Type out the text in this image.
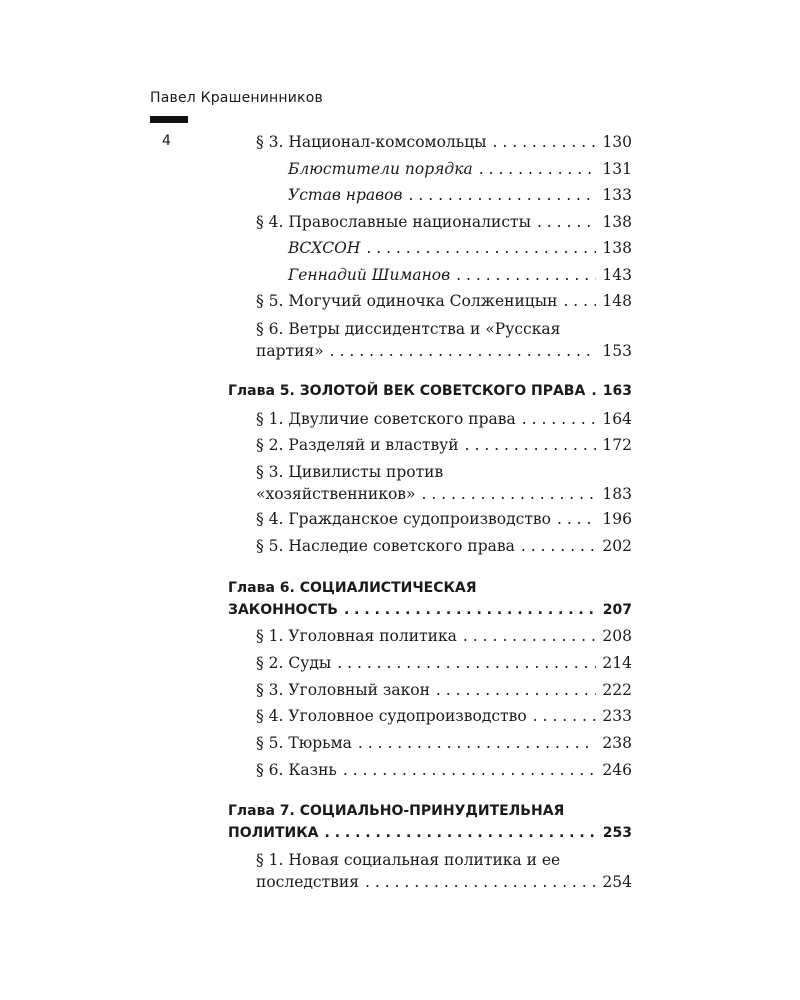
Павел Крашенинников
4	§ 3. Национал-комсомольцы . . .	130
Блюстители порядка . . .	131
Устав нравов . . .	133
§ 4. Православные националисты . . .	138
ВСХСОН . . .	138
Геннадий Шиманов . . .	143
§ 5. Могучий одиночка Солженицын . . .	148
§ 6. Ветры диссидентства и «Русская
партия» . . .	153
Глава 5. ЗОЛОТОЙ ВЕК СОВЕТСКОГО ПРАВА . . . 163
§ 1. Двуличие советского права . . .	164
§ 2. Разделяй и властвуй . . .	172
§ 3. Цивилисты против
«хозяйственников» . . .	183
§ 4. Гражданское судопроизводство . . .	196
§ 5. Наследие советского права . . .	202
Глава 6. СОЦИАЛИСТИЧЕСКАЯ
ЗАКОННОСТЬ . . .	207
§ 1. Уголовная политика . . .	208
§ 2. Суды . . .	214
§ 3. Уголовный закон . . .	222
§ 4. Уголовное судопроизводство . . .	233
§ 5. Тюрьма . . .	238
§ 6. Казнь . . .	246
Глава 7. СОЦИАЛЬНО-ПРИНУДИТЕЛЬНАЯ
ПОЛИТИКА . . .	253
§ 1. Новая социальная политика и ее
последствия . . .	254
